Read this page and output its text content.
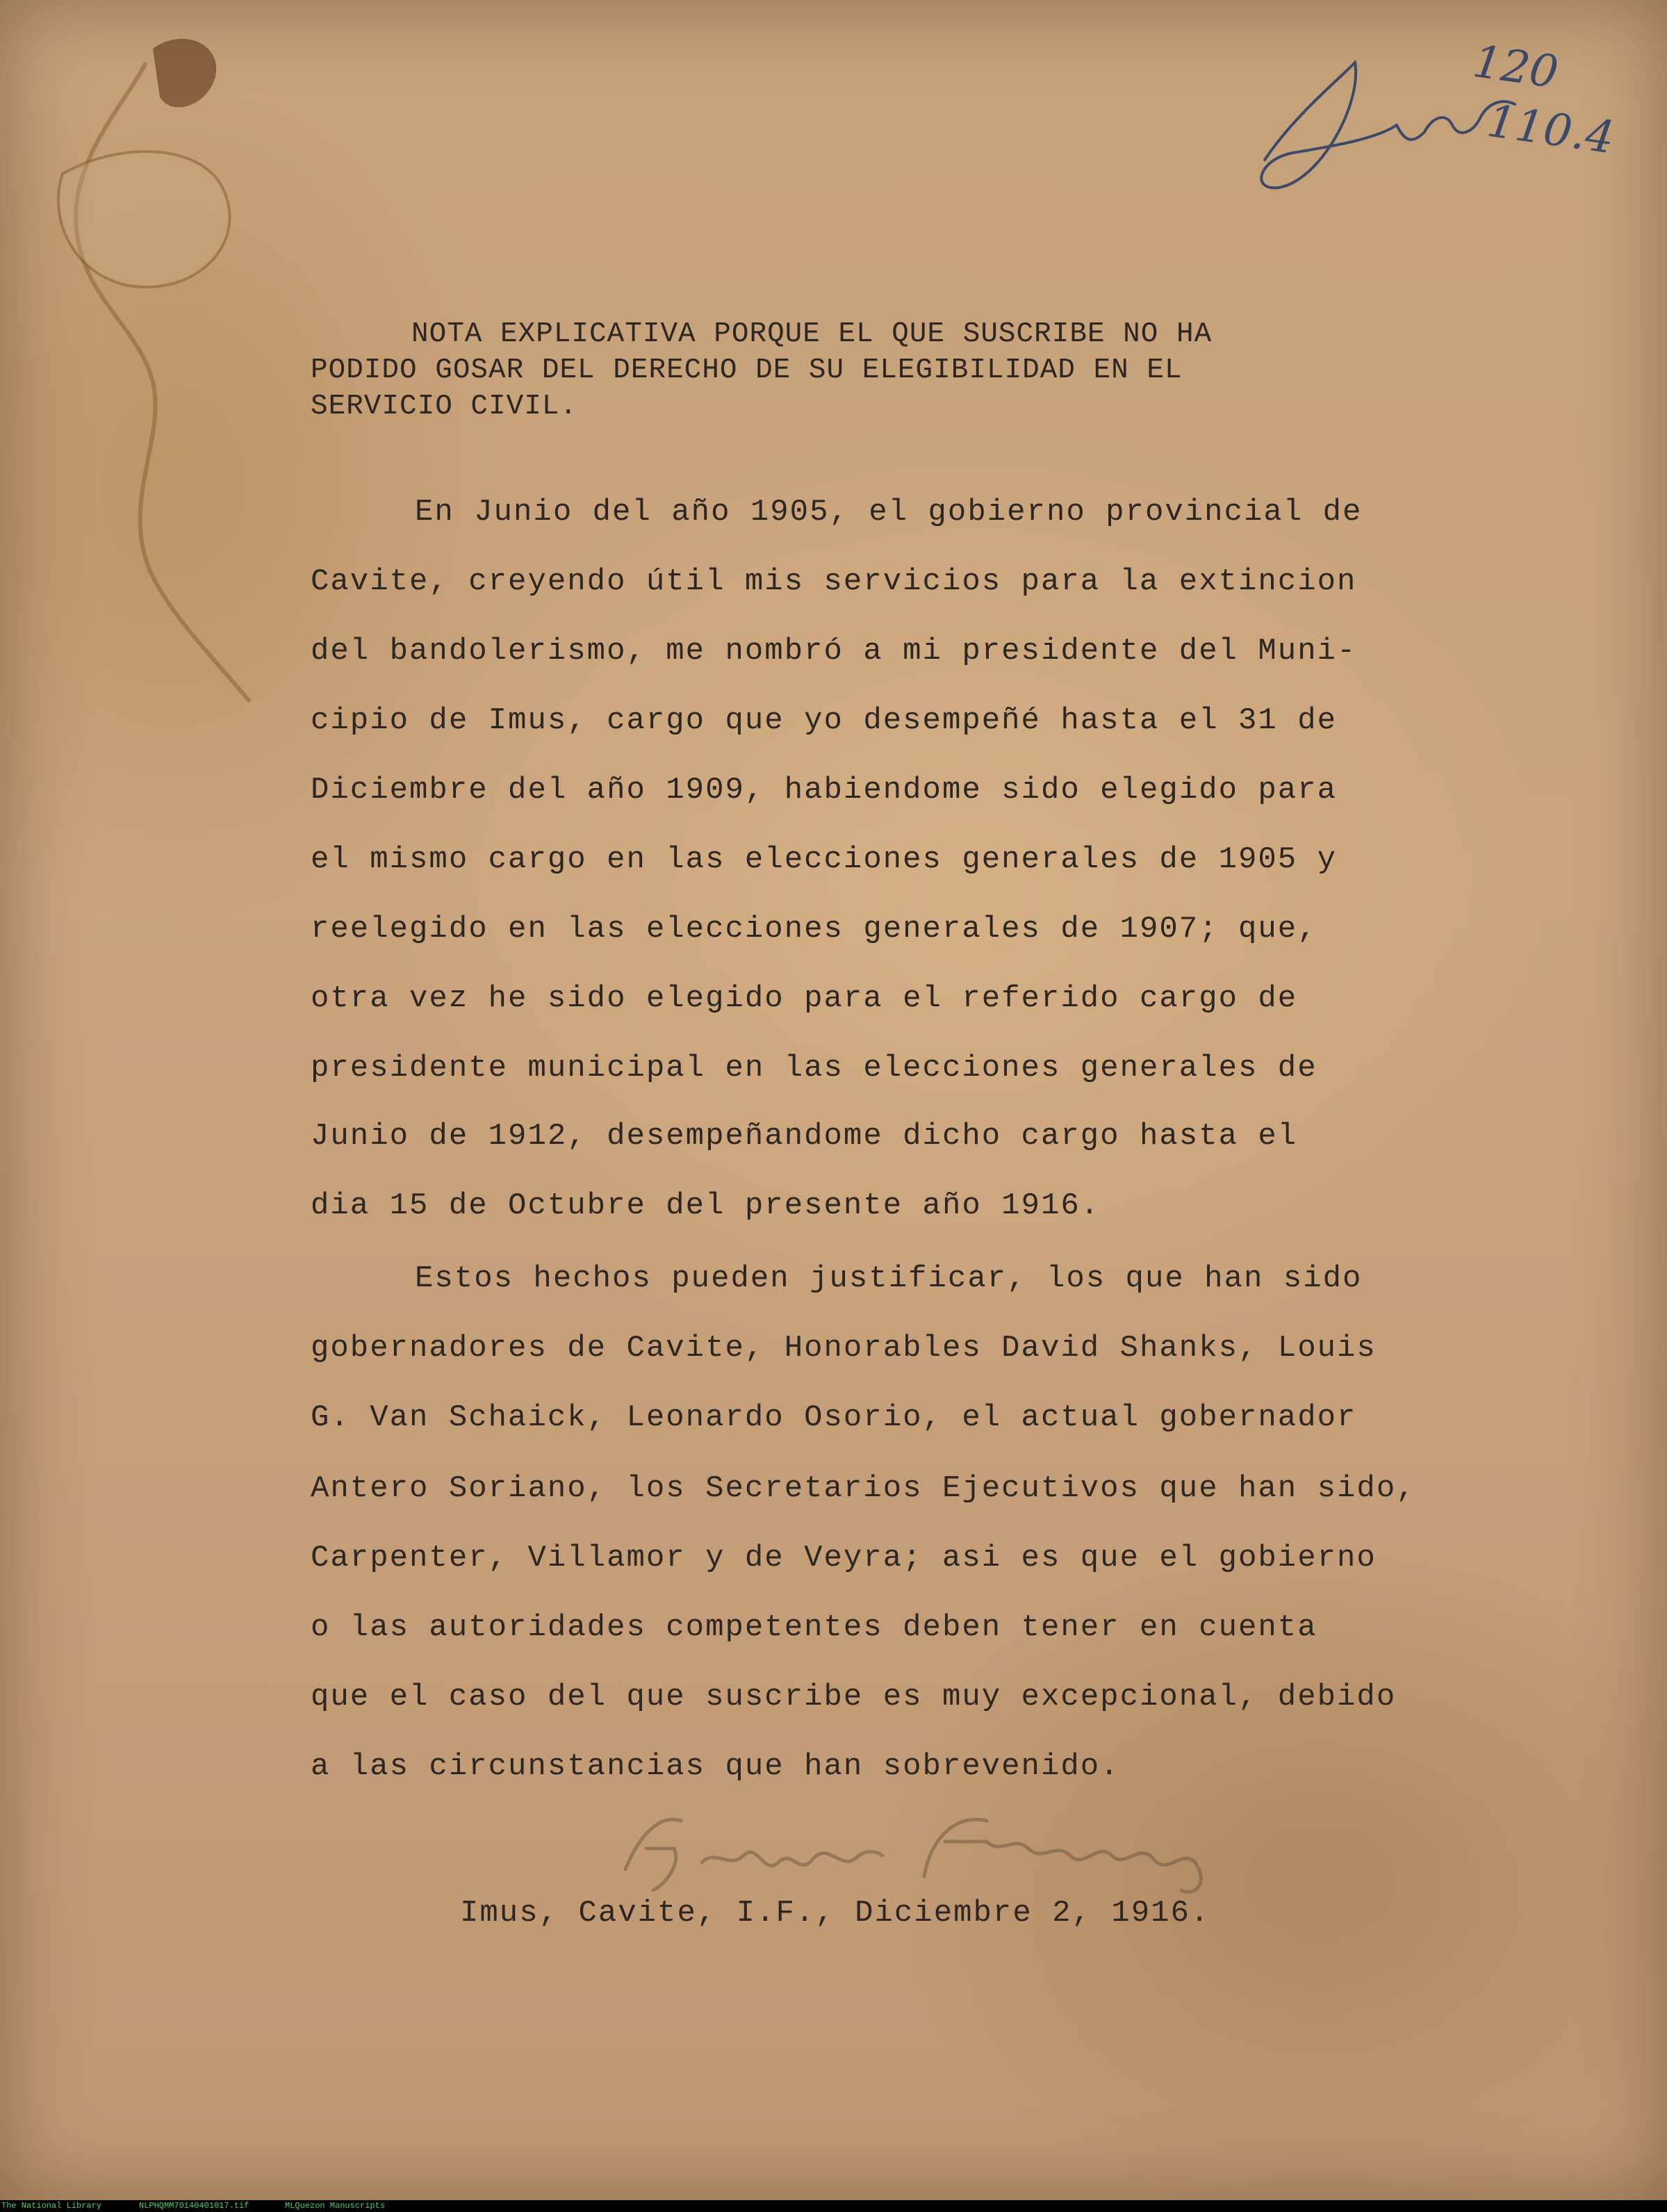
120
110.4
NOTA EXPLICATIVA PORQUE EL QUE SUSCRIBE NO HA
PODIDO GOSAR DEL DERECHO DE SU ELEGIBILIDAD EN EL
SERVICIO CIVIL.
En Junio del año 1905, el gobierno provincial de
Cavite, creyendo útil mis servicios para la extincion
del bandolerismo, me nombró a mi presidente del Muni-
cipio de Imus, cargo que yo desempeñé hasta el 31 de
Diciembre del año 1909, habiendome sido elegido para
el mismo cargo en las elecciones generales de 1905 y
reelegido en las elecciones generales de 1907; que,
otra vez he sido elegido para el referido cargo de
presidente municipal en las elecciones generales de
Junio de 1912, desempeñandome dicho cargo hasta el
dia 15 de Octubre del presente año 1916.
Estos hechos pueden justificar, los que han sido
gobernadores de Cavite, Honorables David Shanks, Louis
G. Van Schaick, Leonardo Osorio, el actual gobernador
Antero Soriano, los Secretarios Ejecutivos que han sido,
Carpenter, Villamor y de Veyra; asi es que el gobierno
o las autoridades competentes deben tener en cuenta
que el caso del que suscribe es muy excepcional, debido
a las circunstancias que han sobrevenido.
Felipe Topacio
Imus, Cavite, I.F., Diciembre 2, 1916.
The National Library	NLPHQMM70140401017.tif	MLQuezon Manuscripts
